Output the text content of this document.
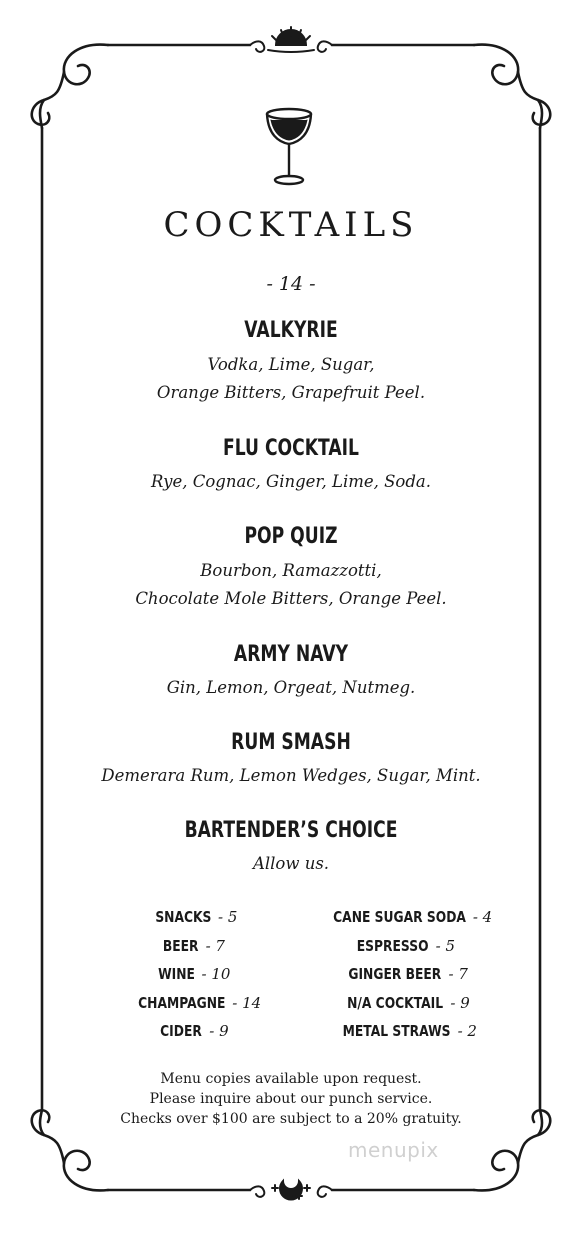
COCKTAILS
- 14 -
VALKYRIE
Vodka, Lime, Sugar,
Orange Bitters, Grapefruit Peel.
FLU COCKTAIL
Rye, Cognac, Ginger, Lime, Soda.
POP QUIZ
Bourbon, Ramazzotti,
Chocolate Mole Bitters, Orange Peel.
ARMY NAVY
Gin, Lemon, Orgeat, Nutmeg.
RUM SMASH
Demerara Rum, Lemon Wedges, Sugar, Mint.
BARTENDER’S CHOICE
Allow us.
SNACKS - 5
BEER - 7
WINE - 10
CHAMPAGNE - 14
CIDER - 9
CANE SUGAR SODA - 4
ESPRESSO - 5
GINGER BEER - 7
N/A COCKTAIL - 9
METAL STRAWS - 2
Menu copies available upon request.
Please inquire about our punch service.
Checks over $100 are subject to a 20% gratuity.
menupix
